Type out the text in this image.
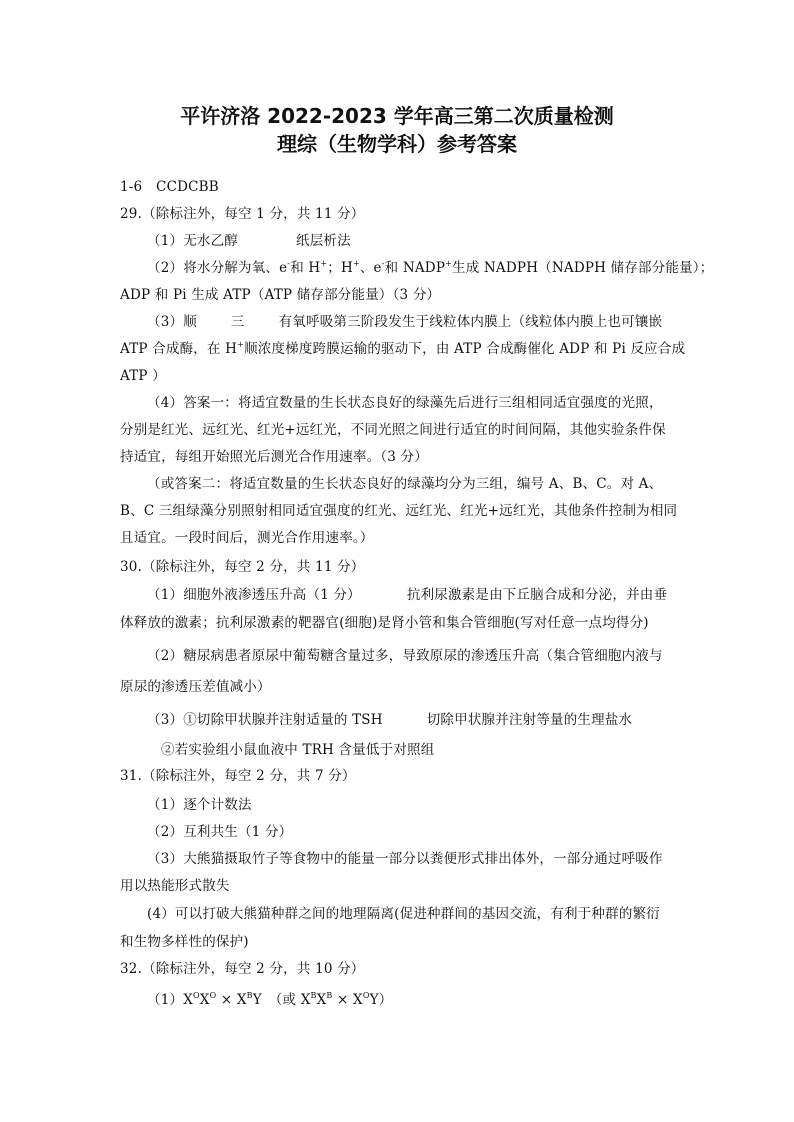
平许济洛 2022-2023 学年高三第二次质量检测
理综（生物学科）参考答案
1-6　CCDCBB
29.（除标注外，每空 1 分，共 11 分）
（1）无水乙醇	纸层析法
（2）将水分解为氧、e-和 H+；H+、e-和 NADP+生成 NADPH（NADPH 储存部分能量）；
ADP 和 Pi 生成 ATP（ATP 储存部分能量）（3 分）
（3）顺	三	有氧呼吸第三阶段发生于线粒体内膜上（线粒体内膜上也可镶嵌
ATP 合成酶，在 H+顺浓度梯度跨膜运输的驱动下，由 ATP 合成酶催化 ADP 和 Pi 反应合成
ATP ）
（4）答案一：将适宜数量的生长状态良好的绿藻先后进行三组相同适宜强度的光照，
分别是红光、远红光、红光+远红光，不同光照之间进行适宜的时间间隔，其他实验条件保
持适宜，每组开始照光后测光合作用速率。（3 分）
（或答案二：将适宜数量的生长状态良好的绿藻均分为三组，编号 A、B、C。对 A、
B、C 三组绿藻分别照射相同适宜强度的红光、远红光、红光+远红光，其他条件控制为相同
且适宜。一段时间后，测光合作用速率。）
30.（除标注外，每空 2 分，共 11 分）
（1）细胞外液渗透压升高（1 分）	抗利尿激素是由下丘脑合成和分泌，并由垂
体释放的激素；抗利尿激素的靶器官(细胞)是肾小管和集合管细胞(写对任意一点均得分)
（2）糖尿病患者原尿中葡萄糖含量过多，导致原尿的渗透压升高（集合管细胞内液与
原尿的渗透压差值减小）
（3）①切除甲状腺并注射适量的 TSH	切除甲状腺并注射等量的生理盐水
②若实验组小鼠血液中 TRH 含量低于对照组
31.（除标注外，每空 2 分，共 7 分）
（1）逐个计数法
（2）互利共生（1 分）
（3）大熊猫摄取竹子等食物中的能量一部分以粪便形式排出体外，一部分通过呼吸作
用以热能形式散失
(4）可以打破大熊猫种群之间的地理隔离(促进种群间的基因交流，有利于种群的繁衍
和生物多样性的保护)
32.（除标注外，每空 2 分，共 10 分）
$(1)X^OX^O \times X^BY$　（或 $X^BX^B \times X^OY$）
